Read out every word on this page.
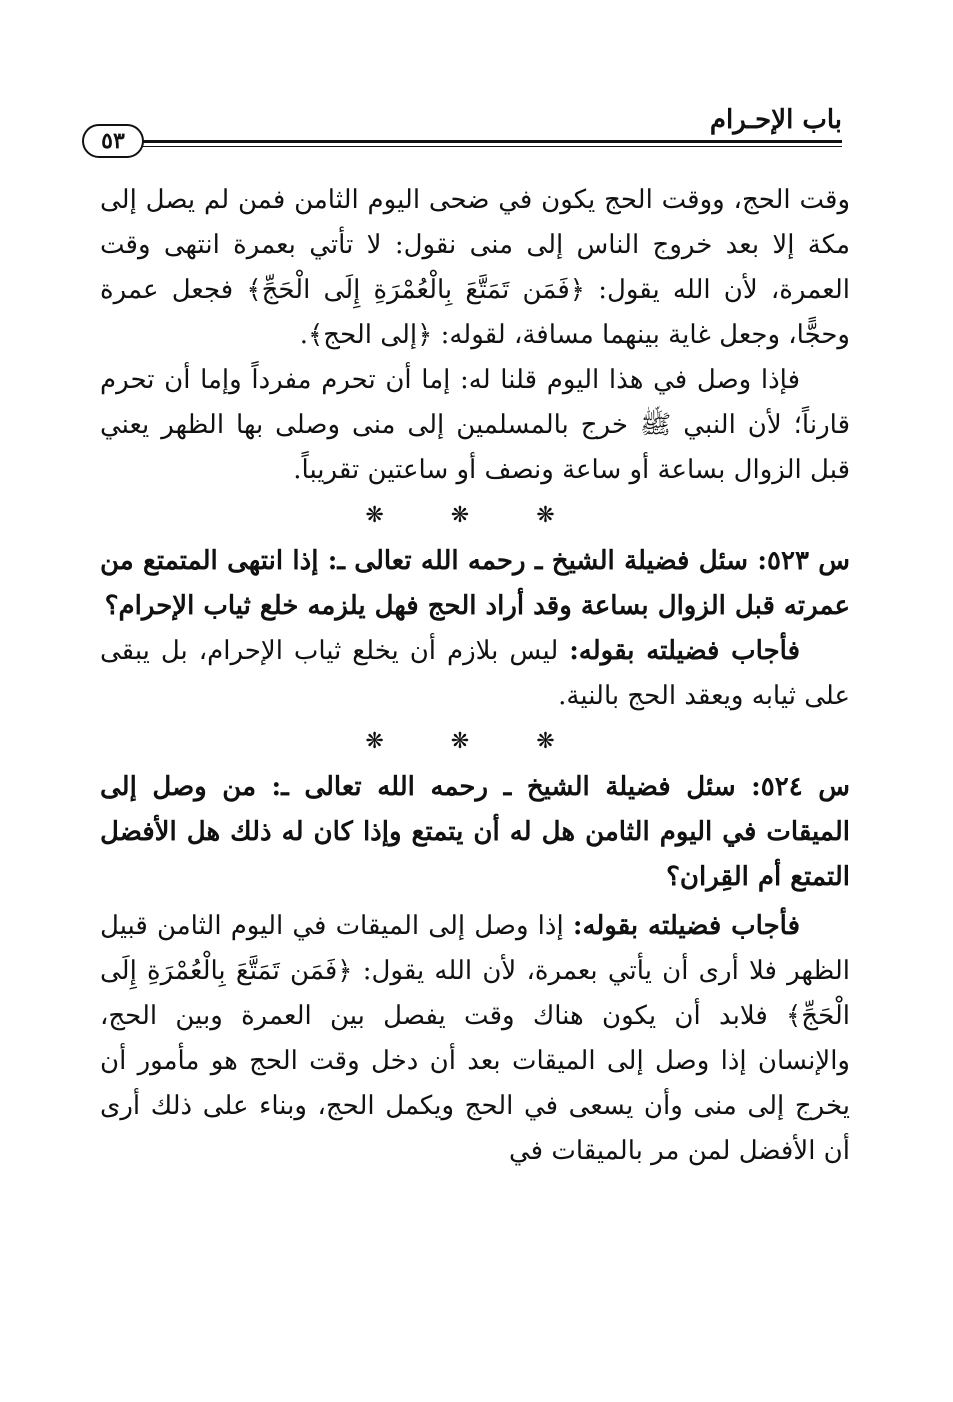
باب الإحـرام
٥٣

وقت الحج، ووقت الحج يكون في ضحى اليوم الثامن فمن لم يصل إلى مكة إلا بعد خروج الناس إلى منى نقول: لا تأتي بعمرة انتهى وقت العمرة، لأن الله يقول: ﴿فَمَن تَمَتَّعَ بِالْعُمْرَةِ إِلَى الْحَجِّ﴾ فجعل عمرة وحجًّا، وجعل غاية بينهما مسافة، لقوله: ﴿إلى الحج﴾.

فإذا وصل في هذا اليوم قلنا له: إما أن تحرم مفرداً وإما أن تحرم قارناً؛ لأن النبي ﷺ خرج بالمسلمين إلى منى وصلى بها الظهر يعني قبل الزوال بساعة أو ساعة ونصف أو ساعتين تقريباً.

❋ ❋ ❋

س ٥٢٣: سئل فضيلة الشيخ ـ رحمه الله تعالى ـ: إذا انتهى المتمتع من عمرته قبل الزوال بساعة وقد أراد الحج فهل يلزمه خلع ثياب الإحرام؟

فأجاب فضيلته بقوله: ليس بلازم أن يخلع ثياب الإحرام، بل يبقى على ثيابه ويعقد الحج بالنية.

❋ ❋ ❋

س ٥٢٤: سئل فضيلة الشيخ ـ رحمه الله تعالى ـ: من وصل إلى الميقات في اليوم الثامن هل له أن يتمتع وإذا كان له ذلك هل الأفضل التمتع أم القِران؟

فأجاب فضيلته بقوله: إذا وصل إلى الميقات في اليوم الثامن قبيل الظهر فلا أرى أن يأتي بعمرة، لأن الله يقول: ﴿فَمَن تَمَتَّعَ بِالْعُمْرَةِ إِلَى الْحَجِّ﴾ فلابد أن يكون هناك وقت يفصل بين العمرة وبين الحج، والإنسان إذا وصل إلى الميقات بعد أن دخل وقت الحج هو مأمور أن يخرج إلى منى وأن يسعى في الحج ويكمل الحج، وبناء على ذلك أرى أن الأفضل لمن مر بالميقات في
